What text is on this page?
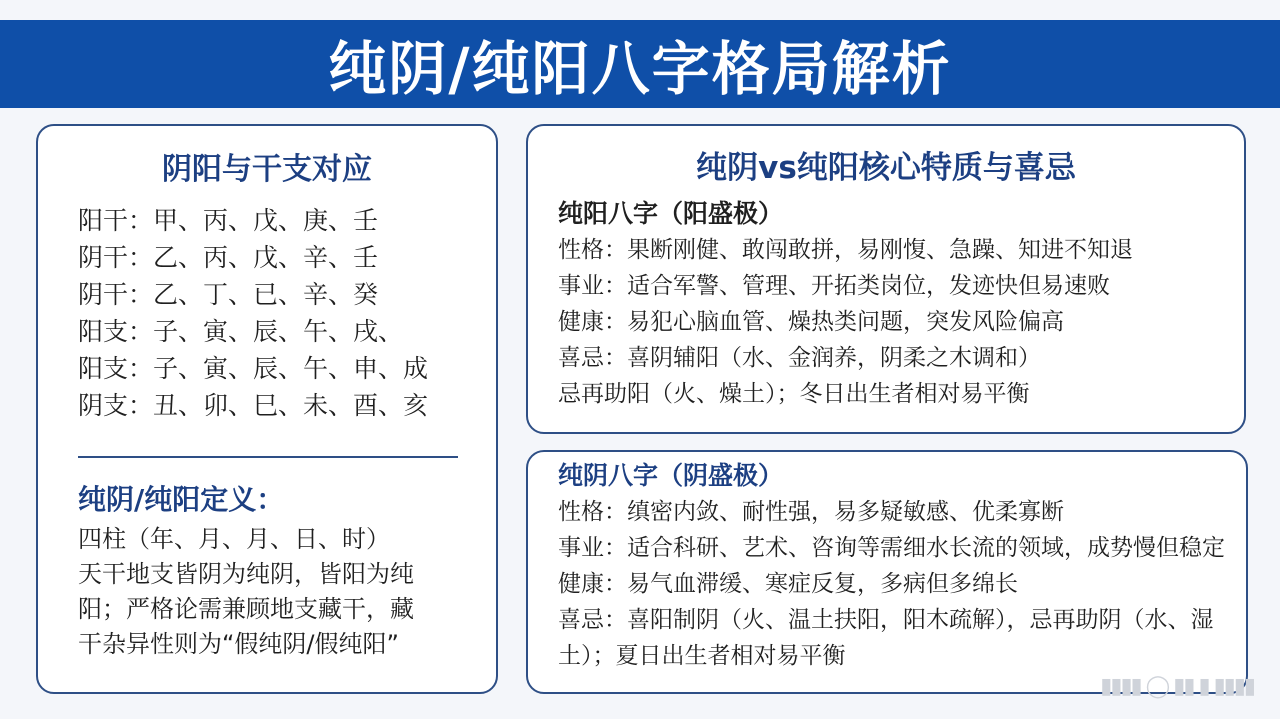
纯阴/纯阳八字格局解析
阴阳与干支对应
阳干：甲、丙、戊、庚、壬
阴干：乙、丙、戊、辛、壬
阴干：乙、丁、已、辛、癸
阳支：子、寅、辰、午、戌、
阳支：子、寅、辰、午、申、成
阴支：丑、卯、巳、未、酉、亥
纯阴/纯阳定义：
四柱（年、月、月、日、时）
天干地支皆阴为纯阴，皆阳为纯
阳；严格论需兼顾地支藏干，藏
干杂异性则为“假纯阴/假纯阳”
纯阴vs纯阳核心特质与喜忌
纯阳八字（阳盛极）
性格：果断刚健、敢闯敢拼，易刚愎、急躁、知进不知退
事业：适合军警、管理、开拓类岗位，发迹快但易速败
健康：易犯心脑血管、燥热类问题，突发风险偏高
喜忌：喜阴辅阳（水、金润养，阴柔之木调和）
忌再助阳（火、燥土）；冬日出生者相对易平衡
纯阴八字（阴盛极）
性格：缜密内敛、耐性强，易多疑敏感、优柔寡断
事业：适合科研、艺术、咨询等需细水长流的领域，成势慢但稳定
健康：易气血滞缓、寒症反复，多病但多绵长
喜忌：喜阳制阴（火、温土扶阳，阳木疏解），忌再助阴（水、湿
土）；夏日出生者相对易平衡
▮▮▮▮ ◯ ▮▮ ▮ ▮▮▮▮
